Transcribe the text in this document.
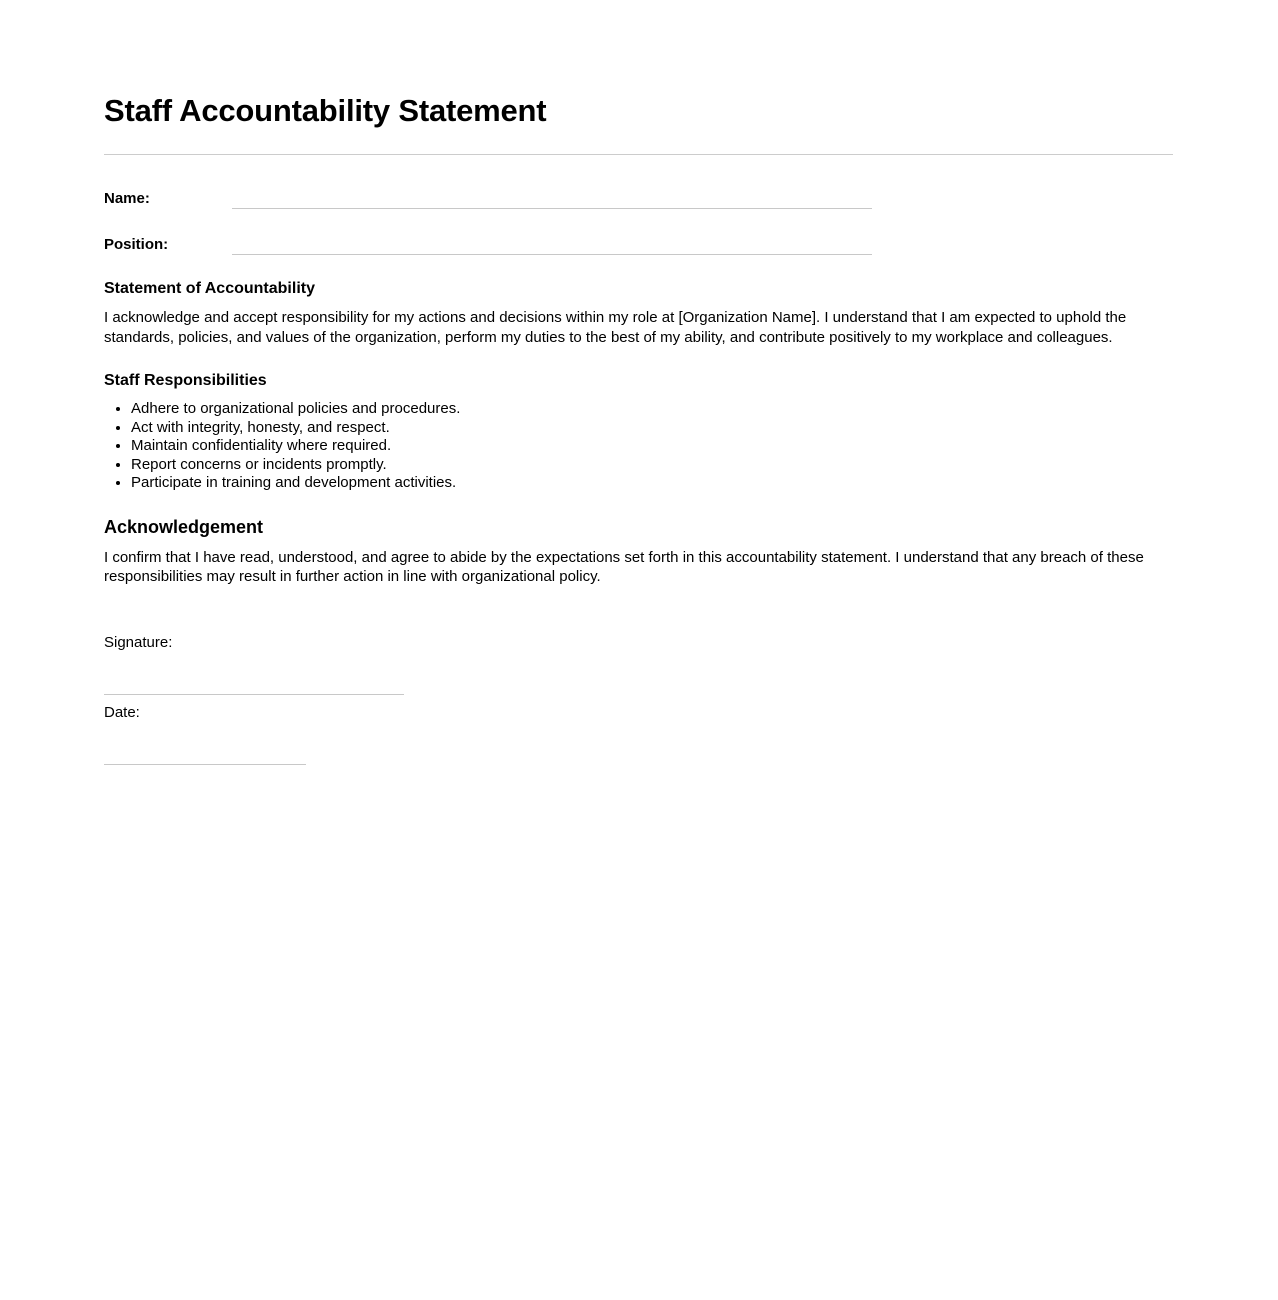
Staff Accountability Statement
Name:
Position:
Statement of Accountability

I acknowledge and accept responsibility for my actions and decisions within my role at [Organization Name]. I understand that I am expected to uphold the standards, policies, and values of the organization, perform my duties to the best of my ability, and contribute positively to my workplace and colleagues.

Staff Responsibilities
• Adhere to organizational policies and procedures.
• Act with integrity, honesty, and respect.
• Maintain confidentiality where required.
• Report concerns or incidents promptly.
• Participate in training and development activities.
Acknowledgement

I confirm that I have read, understood, and agree to abide by the expectations set forth in this accountability statement. I understand that any breach of these responsibilities may result in further action in line with organizational policy.

Signature:

Date:
